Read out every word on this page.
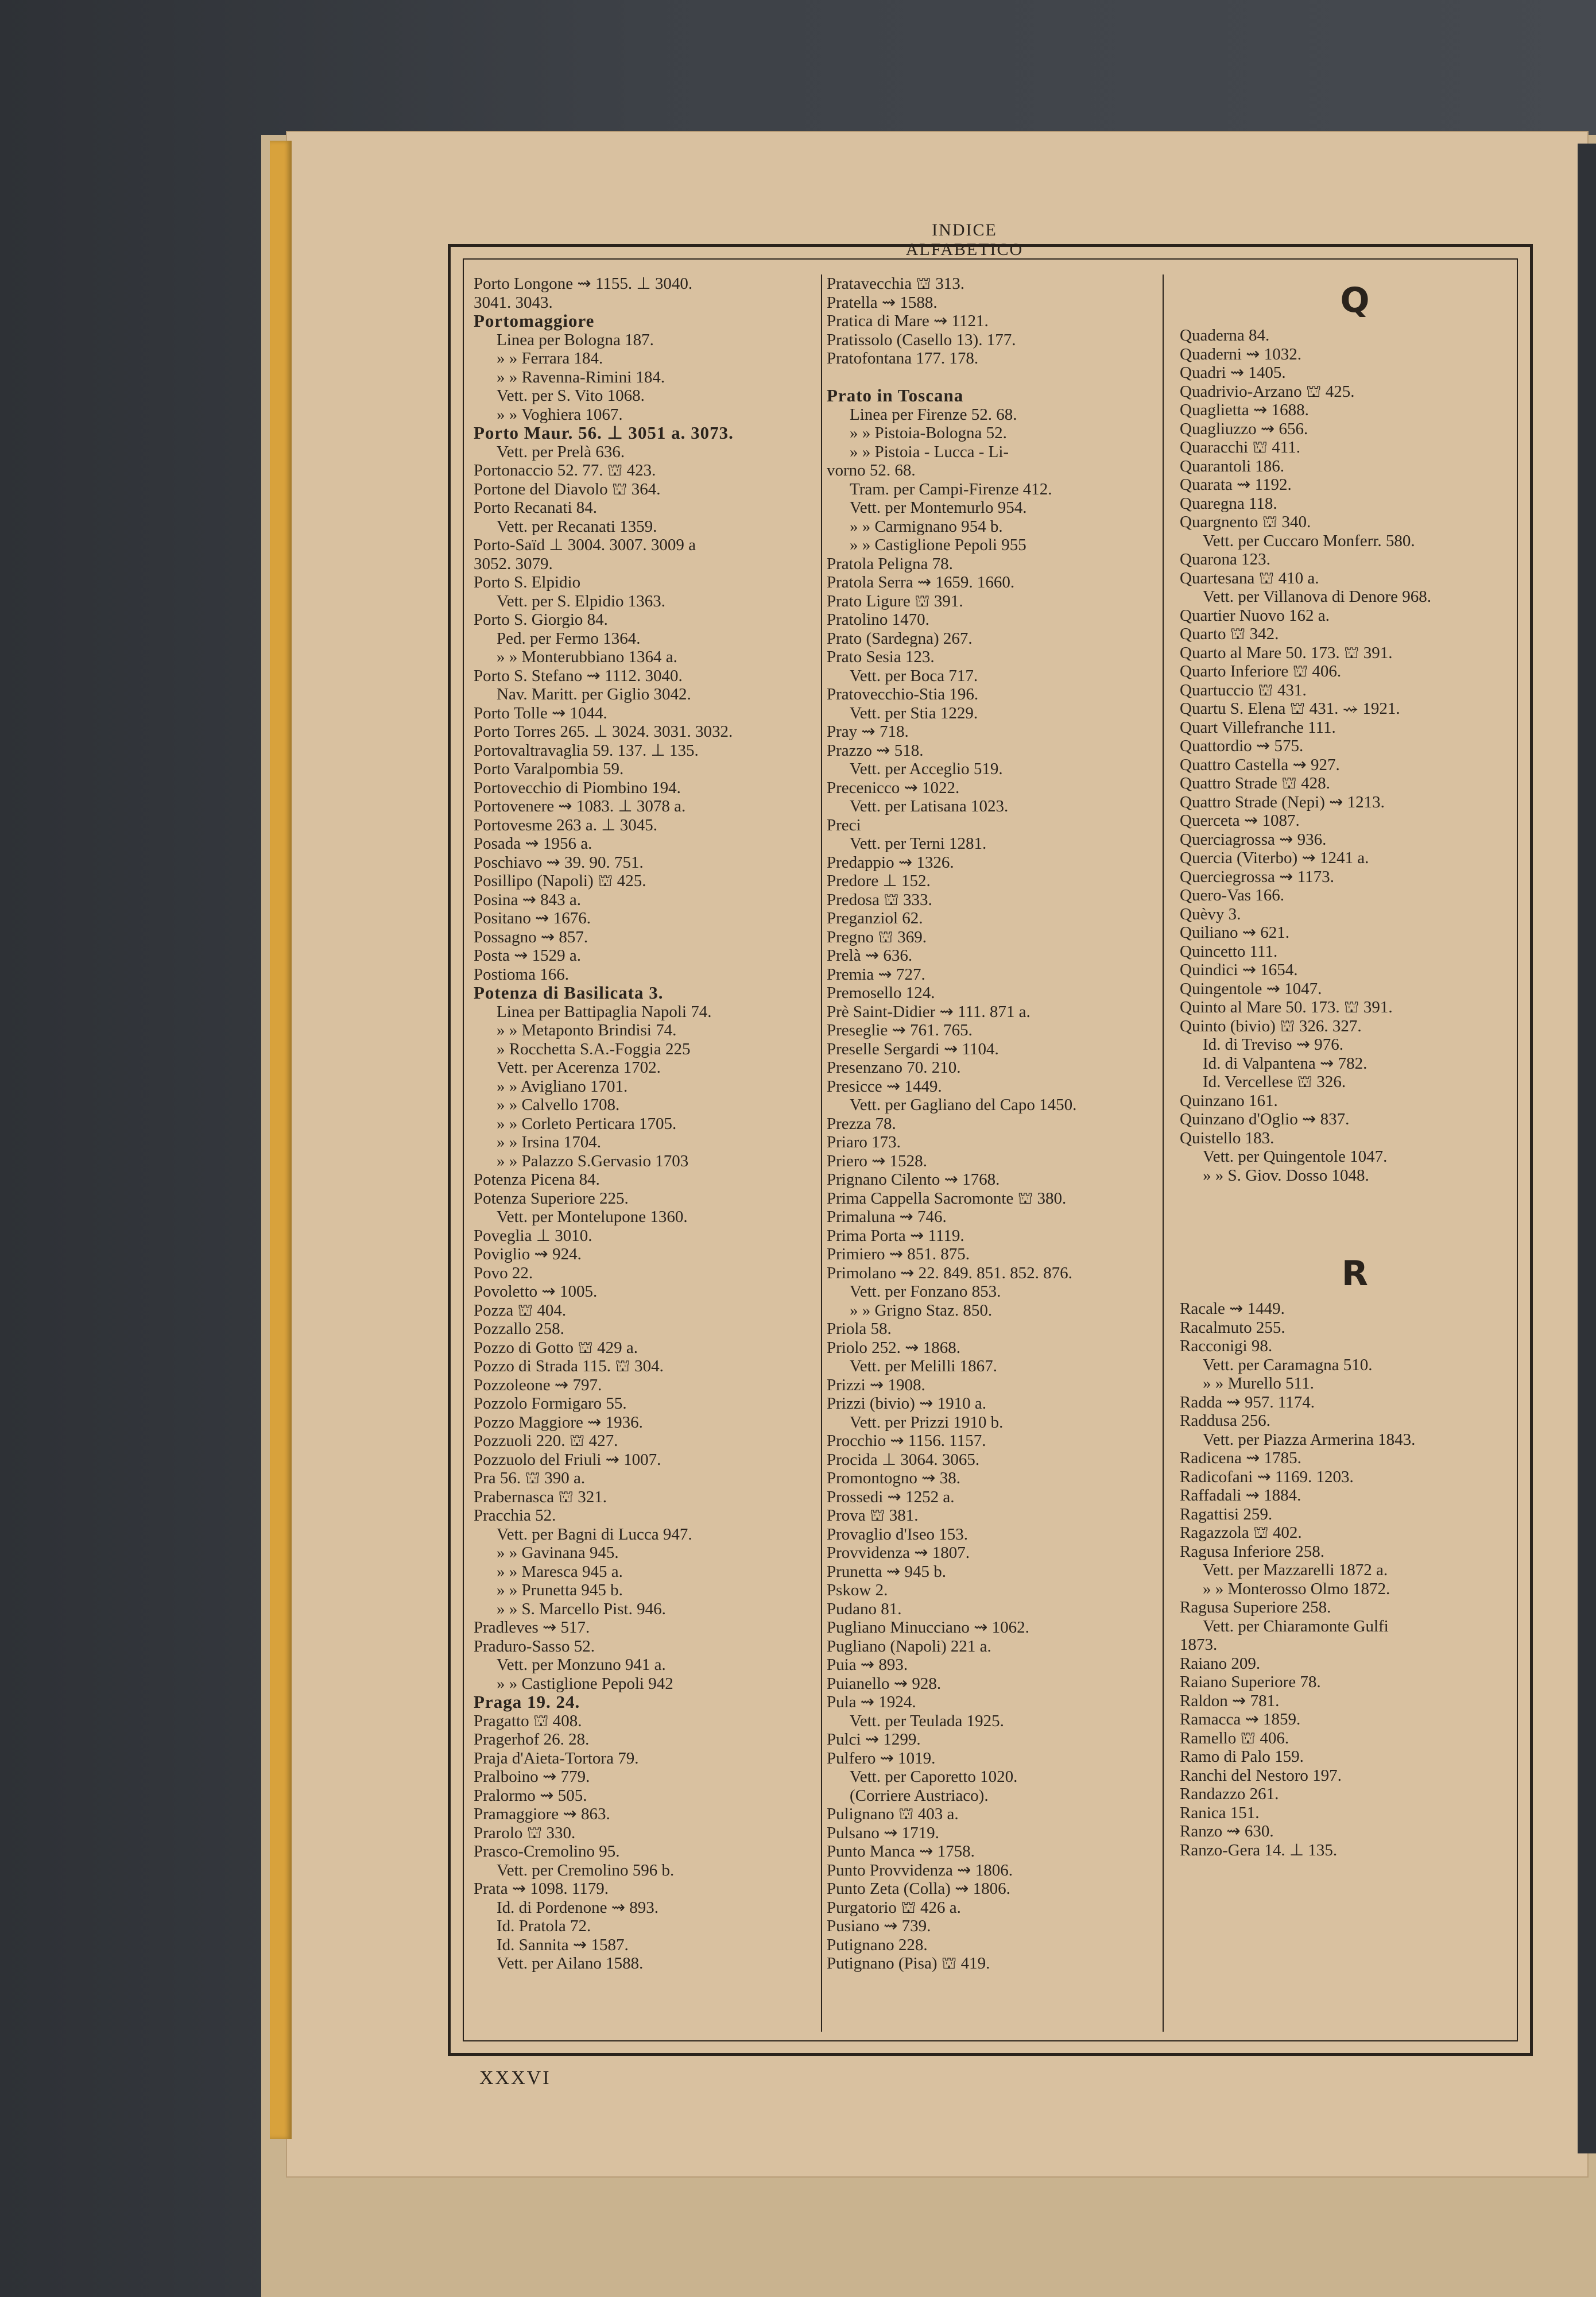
INDICE ALFABETICO
Porto Longone ⇝ 1155. ⊥ 3040.
3041. 3043.
Portomaggiore
Linea per Bologna 187.
» » Ferrara 184.
» » Ravenna-Rimini 184.
Vett. per S. Vito 1068.
» » Voghiera 1067.
Porto Maur. 56. ⊥ 3051 a. 3073.
Vett. per Prelà 636.
Portonaccio 52. 77. ⛫ 423.
Portone del Diavolo ⛫ 364.
Porto Recanati 84.
Vett. per Recanati 1359.
Porto-Saïd ⊥ 3004. 3007. 3009 a
3052. 3079.
Porto S. Elpidio
Vett. per S. Elpidio 1363.
Porto S. Giorgio 84.
Ped. per Fermo 1364.
» » Monterubbiano 1364 a.
Porto S. Stefano ⇝ 1112. 3040.
Nav. Maritt. per Giglio 3042.
Porto Tolle ⇝ 1044.
Porto Torres 265. ⊥ 3024. 3031. 3032.
Portovaltravaglia 59. 137. ⊥ 135.
Porto Varalpombia 59.
Portovecchio di Piombino 194.
Portovenere ⇝ 1083. ⊥ 3078 a.
Portovesme 263 a. ⊥ 3045.
Posada ⇝ 1956 a.
Poschiavo ⇝ 39. 90. 751.
Posillipo (Napoli) ⛫ 425.
Posina ⇝ 843 a.
Positano ⇝ 1676.
Possagno ⇝ 857.
Posta ⇝ 1529 a.
Postioma 166.
Potenza di Basilicata 3.
Linea per Battipaglia Napoli 74.
» » Metaponto Brindisi 74.
» Rocchetta S.A.-Foggia 225
Vett. per Acerenza 1702.
» » Avigliano 1701.
» » Calvello 1708.
» » Corleto Perticara 1705.
» » Irsina 1704.
» » Palazzo S.Gervasio 1703
Potenza Picena 84.
Potenza Superiore 225.
Vett. per Montelupone 1360.
Poveglia ⊥ 3010.
Poviglio ⇝ 924.
Povo 22.
Povoletto ⇝ 1005.
Pozza ⛫ 404.
Pozzallo 258.
Pozzo di Gotto ⛫ 429 a.
Pozzo di Strada 115. ⛫ 304.
Pozzoleone ⇝ 797.
Pozzolo Formigaro 55.
Pozzo Maggiore ⇝ 1936.
Pozzuoli 220. ⛫ 427.
Pozzuolo del Friuli ⇝ 1007.
Pra 56. ⛫ 390 a.
Prabernasca ⛫ 321.
Pracchia 52.
Vett. per Bagni di Lucca 947.
» » Gavinana 945.
» » Maresca 945 a.
» » Prunetta 945 b.
» » S. Marcello Pist. 946.
Pradleves ⇝ 517.
Praduro-Sasso 52.
Vett. per Monzuno 941 a.
» » Castiglione Pepoli 942
Praga 19. 24.
Pragatto ⛫ 408.
Pragerhof 26. 28.
Praja d'Aieta-Tortora 79.
Pralboino ⇝ 779.
Pralormo ⇝ 505.
Pramaggiore ⇝ 863.
Prarolo ⛫ 330.
Prasco-Cremolino 95.
Vett. per Cremolino 596 b.
Prata ⇝ 1098. 1179.
Id. di Pordenone ⇝ 893.
Id. Pratola 72.
Id. Sannita ⇝ 1587.
Vett. per Ailano 1588.
Pratavecchia ⛫ 313.
Pratella ⇝ 1588.
Pratica di Mare ⇝ 1121.
Pratissolo (Casello 13). 177.
Pratofontana 177. 178.
Prato in Toscana
Linea per Firenze 52. 68.
» » Pistoia-Bologna 52.
» » Pistoia - Lucca - Li-
vorno 52. 68.
Tram. per Campi-Firenze 412.
Vett. per Montemurlo 954.
» » Carmignano 954 b.
» » Castiglione Pepoli 955
Pratola Peligna 78.
Pratola Serra ⇝ 1659. 1660.
Prato Ligure ⛫ 391.
Pratolino 1470.
Prato (Sardegna) 267.
Prato Sesia 123.
Vett. per Boca 717.
Pratovecchio-Stia 196.
Vett. per Stia 1229.
Pray ⇝ 718.
Prazzo ⇝ 518.
Vett. per Acceglio 519.
Precenicco ⇝ 1022.
Vett. per Latisana 1023.
Preci
Vett. per Terni 1281.
Predappio ⇝ 1326.
Predore ⊥ 152.
Predosa ⛫ 333.
Preganziol 62.
Pregno ⛫ 369.
Prelà ⇝ 636.
Premia ⇝ 727.
Premosello 124.
Prè Saint-Didier ⇝ 111. 871 a.
Preseglie ⇝ 761. 765.
Preselle Sergardi ⇝ 1104.
Presenzano 70. 210.
Presicce ⇝ 1449.
Vett. per Gagliano del Capo 1450.
Prezza 78.
Priaro 173.
Priero ⇝ 1528.
Prignano Cilento ⇝ 1768.
Prima Cappella Sacromonte ⛫ 380.
Primaluna ⇝ 746.
Prima Porta ⇝ 1119.
Primiero ⇝ 851. 875.
Primolano ⇝ 22. 849. 851. 852. 876.
Vett. per Fonzano 853.
» » Grigno Staz. 850.
Priola 58.
Priolo 252. ⇝ 1868.
Vett. per Melilli 1867.
Prizzi ⇝ 1908.
Prizzi (bivio) ⇝ 1910 a.
Vett. per Prizzi 1910 b.
Procchio ⇝ 1156. 1157.
Procida ⊥ 3064. 3065.
Promontogno ⇝ 38.
Prossedi ⇝ 1252 a.
Prova ⛫ 381.
Provaglio d'Iseo 153.
Provvidenza ⇝ 1807.
Prunetta ⇝ 945 b.
Pskow 2.
Pudano 81.
Pugliano Minucciano ⇝ 1062.
Pugliano (Napoli) 221 a.
Puia ⇝ 893.
Puianello ⇝ 928.
Pula ⇝ 1924.
Vett. per Teulada 1925.
Pulci ⇝ 1299.
Pulfero ⇝ 1019.
Vett. per Caporetto 1020.
(Corriere Austriaco).
Pulignano ⛫ 403 a.
Pulsano ⇝ 1719.
Punto Manca ⇝ 1758.
Punto Provvidenza ⇝ 1806.
Punto Zeta (Colla) ⇝ 1806.
Purgatorio ⛫ 426 a.
Pusiano ⇝ 739.
Putignano 228.
Putignano (Pisa) ⛫ 419.
Q
Quaderna 84.
Quaderni ⇝ 1032.
Quadri ⇝ 1405.
Quadrivio-Arzano ⛫ 425.
Quaglietta ⇝ 1688.
Quagliuzzo ⇝ 656.
Quaracchi ⛫ 411.
Quarantoli 186.
Quarata ⇝ 1192.
Quaregna 118.
Quargnento ⛫ 340.
Vett. per Cuccaro Monferr. 580.
Quarona 123.
Quartesana ⛫ 410 a.
Vett. per Villanova di Denore 968.
Quartier Nuovo 162 a.
Quarto ⛫ 342.
Quarto al Mare 50. 173. ⛫ 391.
Quarto Inferiore ⛫ 406.
Quartuccio ⛫ 431.
Quartu S. Elena ⛫ 431. ⇝ 1921.
Quart Villefranche 111.
Quattordio ⇝ 575.
Quattro Castella ⇝ 927.
Quattro Strade ⛫ 428.
Quattro Strade (Nepi) ⇝ 1213.
Querceta ⇝ 1087.
Querciagrossa ⇝ 936.
Quercia (Viterbo) ⇝ 1241 a.
Querciegrossa ⇝ 1173.
Quero-Vas 166.
Quèvy 3.
Quiliano ⇝ 621.
Quincetto 111.
Quindici ⇝ 1654.
Quingentole ⇝ 1047.
Quinto al Mare 50. 173. ⛫ 391.
Quinto (bivio) ⛫ 326. 327.
Id. di Treviso ⇝ 976.
Id. di Valpantena ⇝ 782.
Id. Vercellese ⛫ 326.
Quinzano 161.
Quinzano d'Oglio ⇝ 837.
Quistello 183.
Vett. per Quingentole 1047.
» » S. Giov. Dosso 1048.
R
Racale ⇝ 1449.
Racalmuto 255.
Racconigi 98.
Vett. per Caramagna 510.
» » Murello 511.
Radda ⇝ 957. 1174.
Raddusa 256.
Vett. per Piazza Armerina 1843.
Radicena ⇝ 1785.
Radicofani ⇝ 1169. 1203.
Raffadali ⇝ 1884.
Ragattisi 259.
Ragazzola ⛫ 402.
Ragusa Inferiore 258.
Vett. per Mazzarelli 1872 a.
» » Monterosso Olmo 1872.
Ragusa Superiore 258.
Vett. per Chiaramonte Gulfi
1873.
Raiano 209.
Raiano Superiore 78.
Raldon ⇝ 781.
Ramacca ⇝ 1859.
Ramello ⛫ 406.
Ramo di Palo 159.
Ranchi del Nestoro 197.
Randazzo 261.
Ranica 151.
Ranzo ⇝ 630.
Ranzo-Gera 14. ⊥ 135.
XXXVI
